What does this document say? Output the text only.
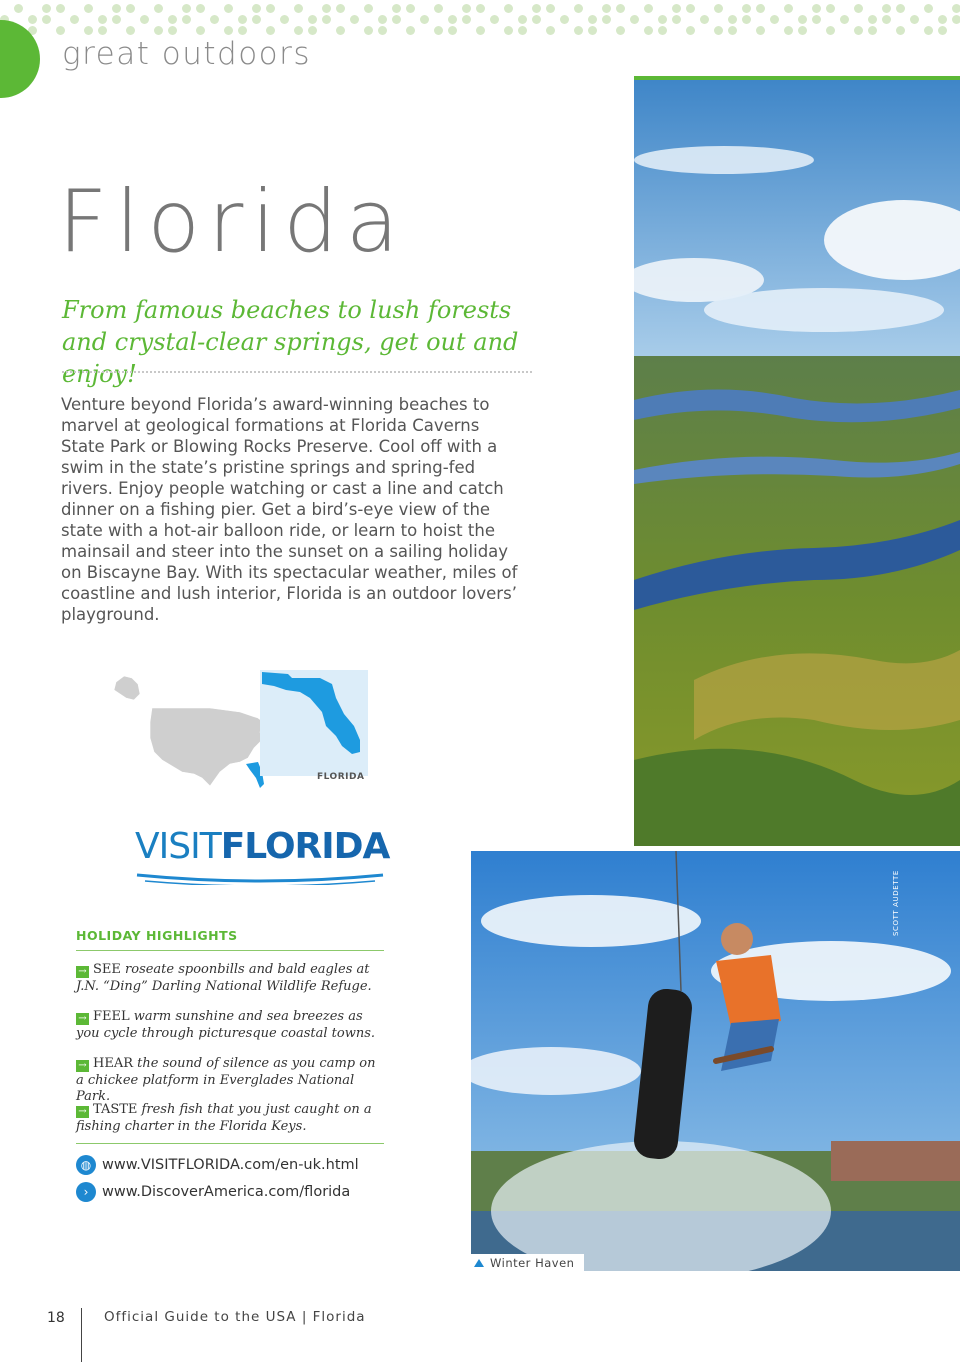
great outdoors
Florida
From famous beaches to lush forests and crystal-clear springs, get out and enjoy!
Venture beyond Florida’s award-winning beaches to marvel at geological formations at Florida Caverns State Park or Blowing Rocks Preserve. Cool off with a swim in the state’s pristine springs and spring-fed rivers. Enjoy people watching or cast a line and catch dinner on a fishing pier. Get a bird’s-eye view of the state with a hot-air balloon ride, or learn to hoist the mainsail and steer into the sunset on a sailing holiday on Biscayne Bay. With its spectacular weather, miles of coastline and lush interior, Florida is an outdoor lovers’ playground.
FLORIDA
VISITFLORIDA
HOLIDAY HIGHLIGHTS
→ SEE roseate spoonbills and bald eagles at J.N. “Ding” Darling National Wildlife Refuge.
→ FEEL warm sunshine and sea breezes as you cycle through picturesque coastal towns.
→ HEAR the sound of silence as you camp on a chickee platform in Everglades National Park.
→ TASTE fresh fish that you just caught on a fishing charter in the Florida Keys.
◍ www.VISITFLORIDA.com/en-uk.html
› www.DiscoverAmerica.com/florida
SCOTT AUDETTE
Winter Haven
18	Official Guide to the USA | Florida
